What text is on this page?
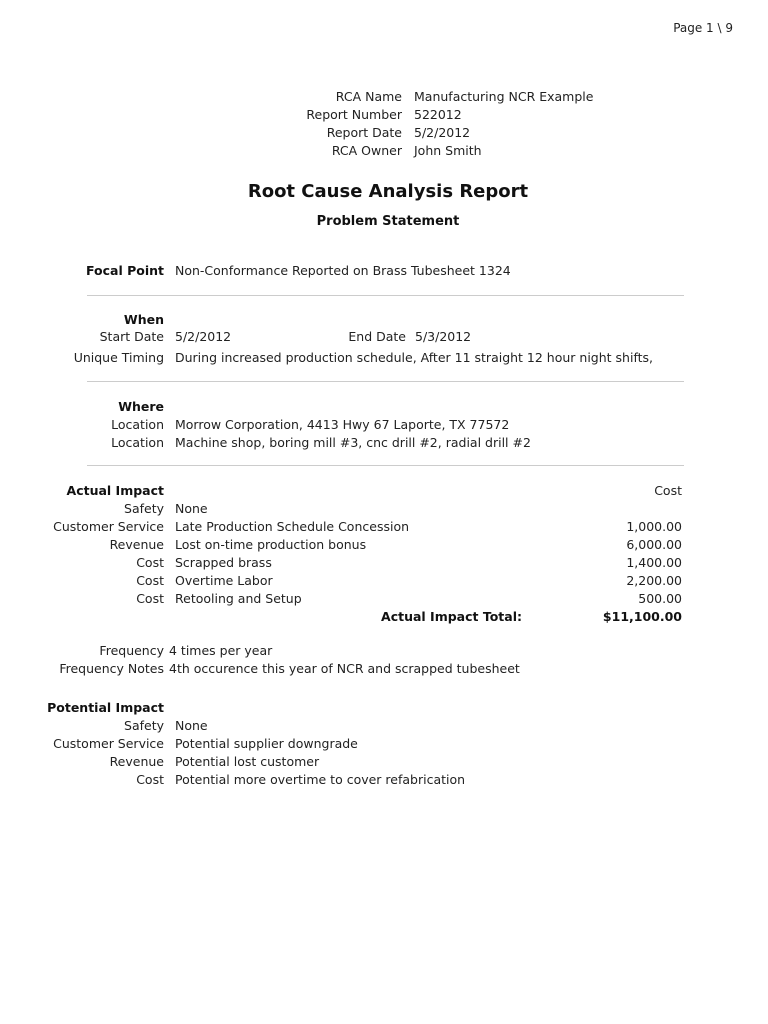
Page 1 \ 9
RCA Name Manufacturing NCR Example
Report Number 522012
Report Date 5/2/2012
RCA Owner John Smith
Root Cause Analysis Report
Problem Statement
Focal Point Non-Conformance Reported on Brass Tubesheet 1324
When
Start Date 5/2/2012	End Date 5/3/2012
Unique Timing During increased production schedule, After 11 straight 12 hour night shifts,
Where
Location Morrow Corporation, 4413 Hwy 67 Laporte, TX 77572
Location Machine shop, boring mill #3, cnc drill #2, radial drill #2
Actual Impact	Cost
Safety None
Customer Service Late Production Schedule Concession	1,000.00
Revenue Lost on-time production bonus	6,000.00
Cost Scrapped brass	1,400.00
Cost Overtime Labor	2,200.00
Cost Retooling and Setup	500.00
Actual Impact Total:	$11,100.00
Frequency 4 times per year
Frequency Notes 4th occurence this year of NCR and scrapped tubesheet
Potential Impact
Safety None
Customer Service Potential supplier downgrade
Revenue Potential lost customer
Cost Potential more overtime to cover refabrication
